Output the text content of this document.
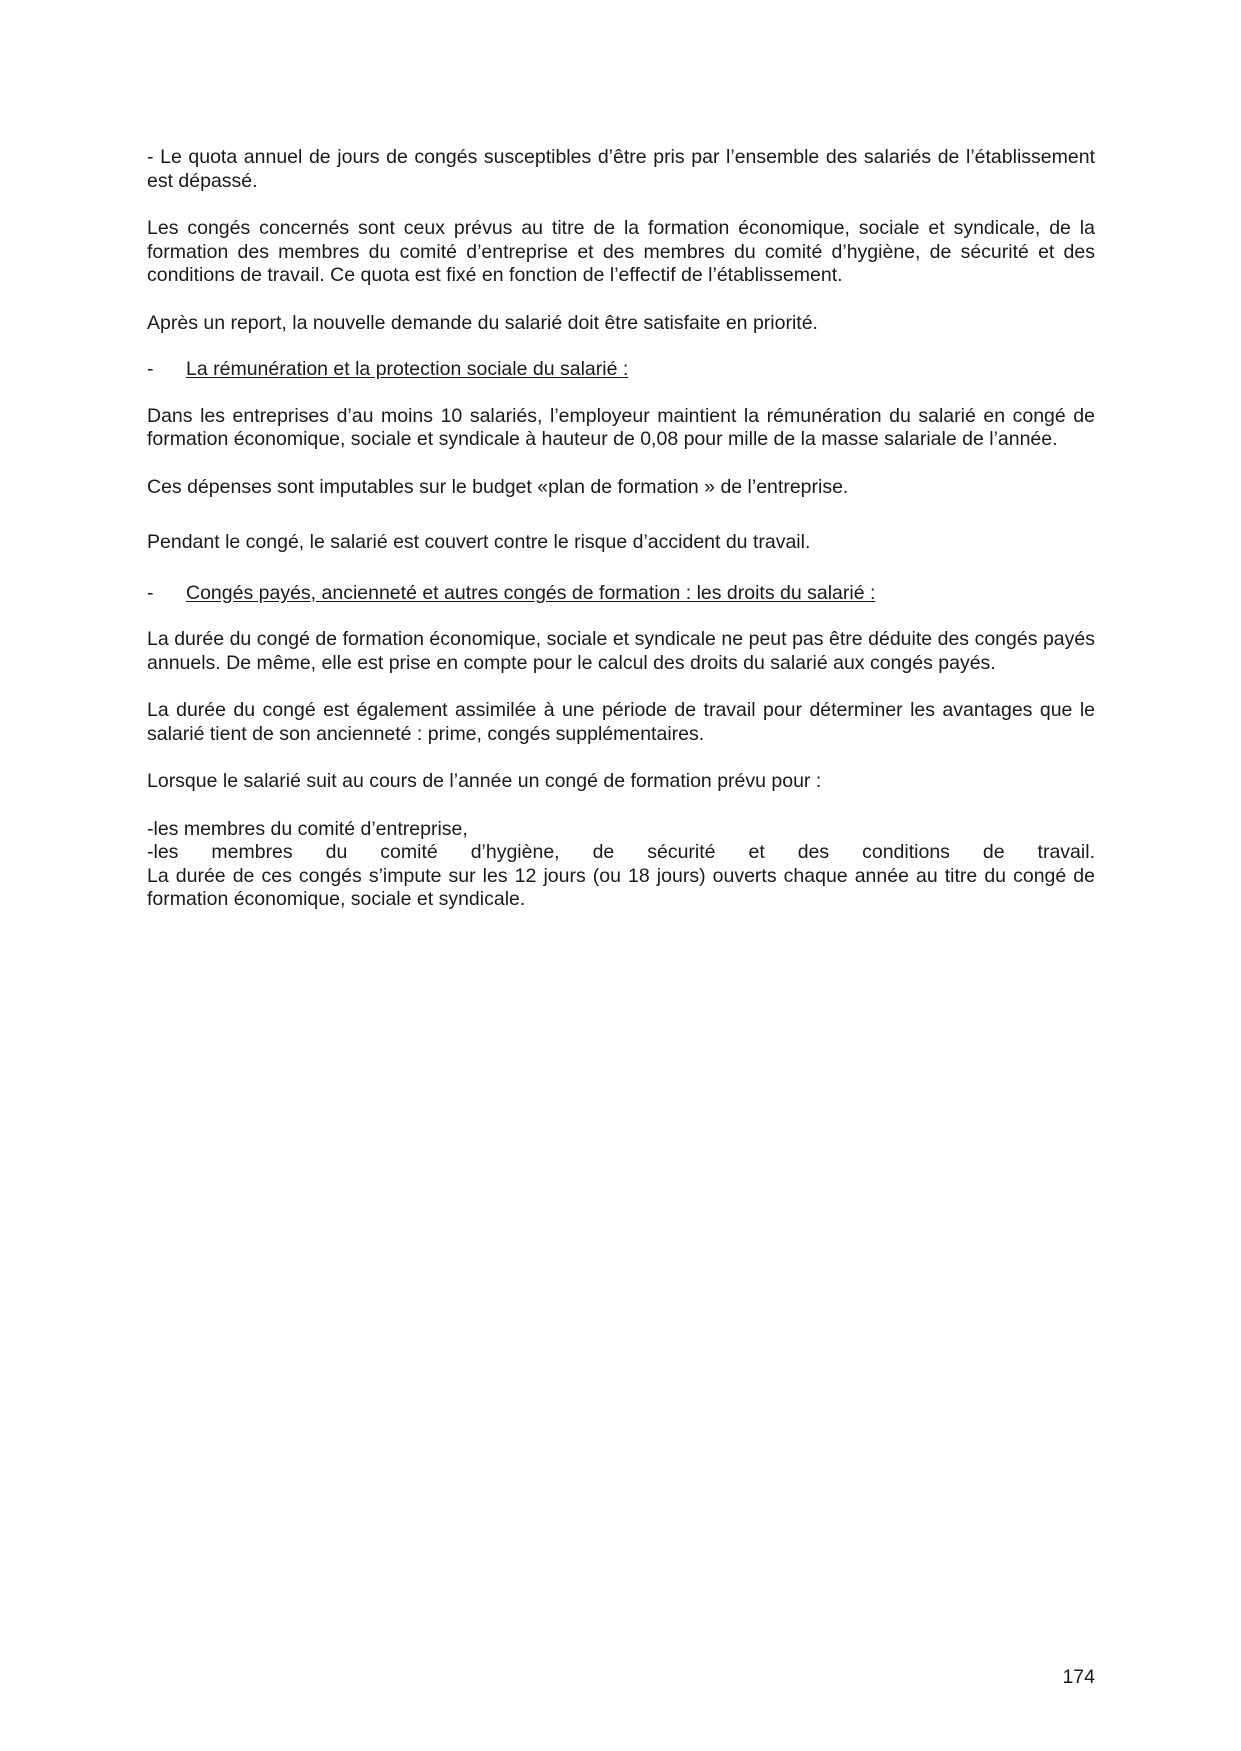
- Le quota annuel de jours de congés susceptibles d’être pris par l’ensemble des salariés de l’établissement est dépassé.

Les congés concernés sont ceux prévus au titre de la formation économique, sociale et syndicale, de la formation des membres du comité d’entreprise et des membres du comité d’hygiène, de sécurité et des conditions de travail. Ce quota est fixé en fonction de l’effectif de l’établissement.

Après un report, la nouvelle demande du salarié doit être satisfaite en priorité.

-	La rémunération et la protection sociale du salarié :

Dans les entreprises d’au moins 10 salariés, l’employeur maintient la rémunération du salarié en congé de formation économique, sociale et syndicale à hauteur de 0,08 pour mille de la masse salariale de l’année.

Ces dépenses sont imputables sur le budget «plan de formation » de l’entreprise.

Pendant le congé, le salarié est couvert contre le risque d’accident du travail.

-	Congés payés, ancienneté et autres congés de formation : les droits du salarié :

La durée du congé de formation économique, sociale et syndicale ne peut pas être déduite des congés payés annuels. De même, elle est prise en compte pour le calcul des droits du salarié aux congés payés.

La durée du congé est également assimilée à une période de travail pour déterminer les avantages que le salarié tient de son ancienneté : prime, congés supplémentaires.

Lorsque le salarié suit au cours de l’année un congé de formation prévu pour :

-les membres du comité d’entreprise,
-les membres du comité d’hygiène, de sécurité et des conditions de travail.
La durée de ces congés s’impute sur les 12 jours (ou 18 jours) ouverts chaque année au titre du congé de formation économique, sociale et syndicale.
174
